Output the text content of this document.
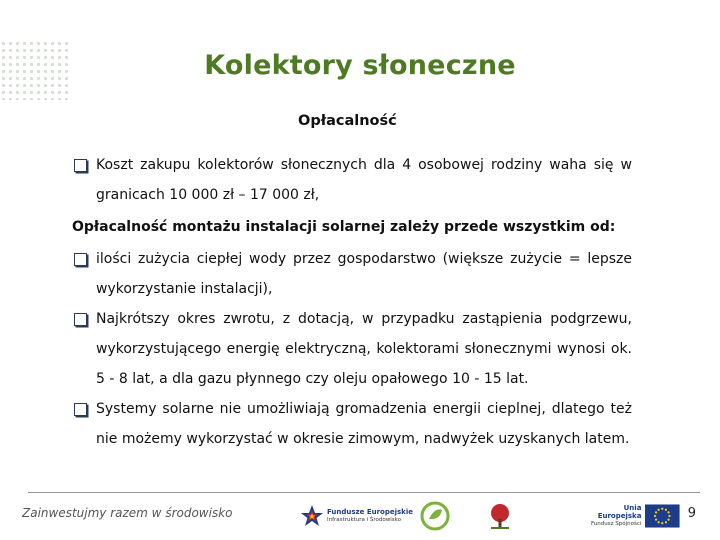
Kolektory słoneczne
Opłacalność
Koszt zakupu kolektorów słonecznych dla 4 osobowej rodziny waha się w granicach 10 000 zł – 17 000 zł,
Opłacalność montażu instalacji solarnej zależy przede wszystkim od:
ilości zużycia ciepłej wody przez gospodarstwo (większe zużycie = lepsze wykorzystanie instalacji),
Najkrótszy okres zwrotu, z dotacją, w przypadku zastąpienia podgrzewu, wykorzystującego energię elektryczną, kolektorami słonecznymi wynosi ok. 5 - 8 lat, a dla gazu płynnego czy oleju opałowego 10 - 15 lat.
Systemy solarne nie umożliwiają gromadzenia energii cieplnej, dlatego też nie możemy wykorzystać w okresie zimowym, nadwyżek uzyskanych latem.
Zainwestujmy razem w środowisko	Fundusze Europejskie
Infrastruktura i Środowisko
Unia Europejska
Fundusz Spójności
9
